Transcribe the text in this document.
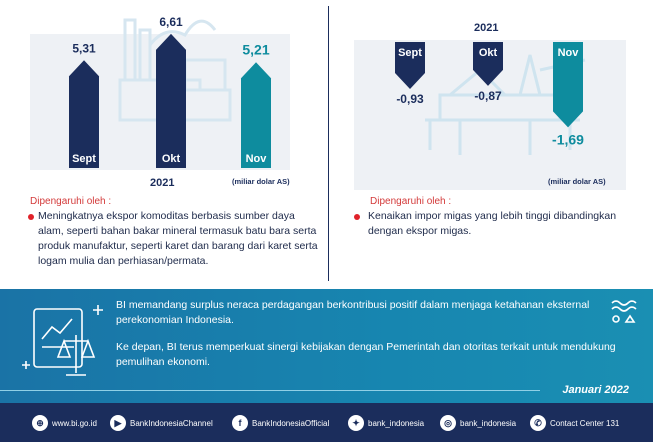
5,31
Sept
6,61
Okt
5,21
Nov
2021	(miliar dolar AS)
Dipengaruhi oleh :
Meningkatnya ekspor komoditas berbasis sumber daya alam, seperti bahan bakar mineral termasuk batu bara serta produk manufaktur, seperti karet dan barang dari karet serta logam mulia dan perhiasan/permata.
-0,93
Sept
-0,87
Okt
-1,69
Nov
2021
(miliar dolar AS)
Dipengaruhi oleh :
Kenaikan impor migas yang lebih tinggi dibandingkan dengan ekspor migas.
BI memandang surplus neraca perdagangan berkontribusi positif dalam menjaga ketahanan eksternal perekonomian Indonesia.
Ke depan, BI terus memperkuat sinergi kebijakan dengan Pemerintah dan otoritas terkait untuk mendukung pemulihan ekonomi.
Januari 2022
⊕	www.bi.go.id	▶	BankIndonesiaChannel	f	BankIndonesiaOfficial	✦	bank_indonesia	◎	bank_indonesia	✆	Contact Center 131
